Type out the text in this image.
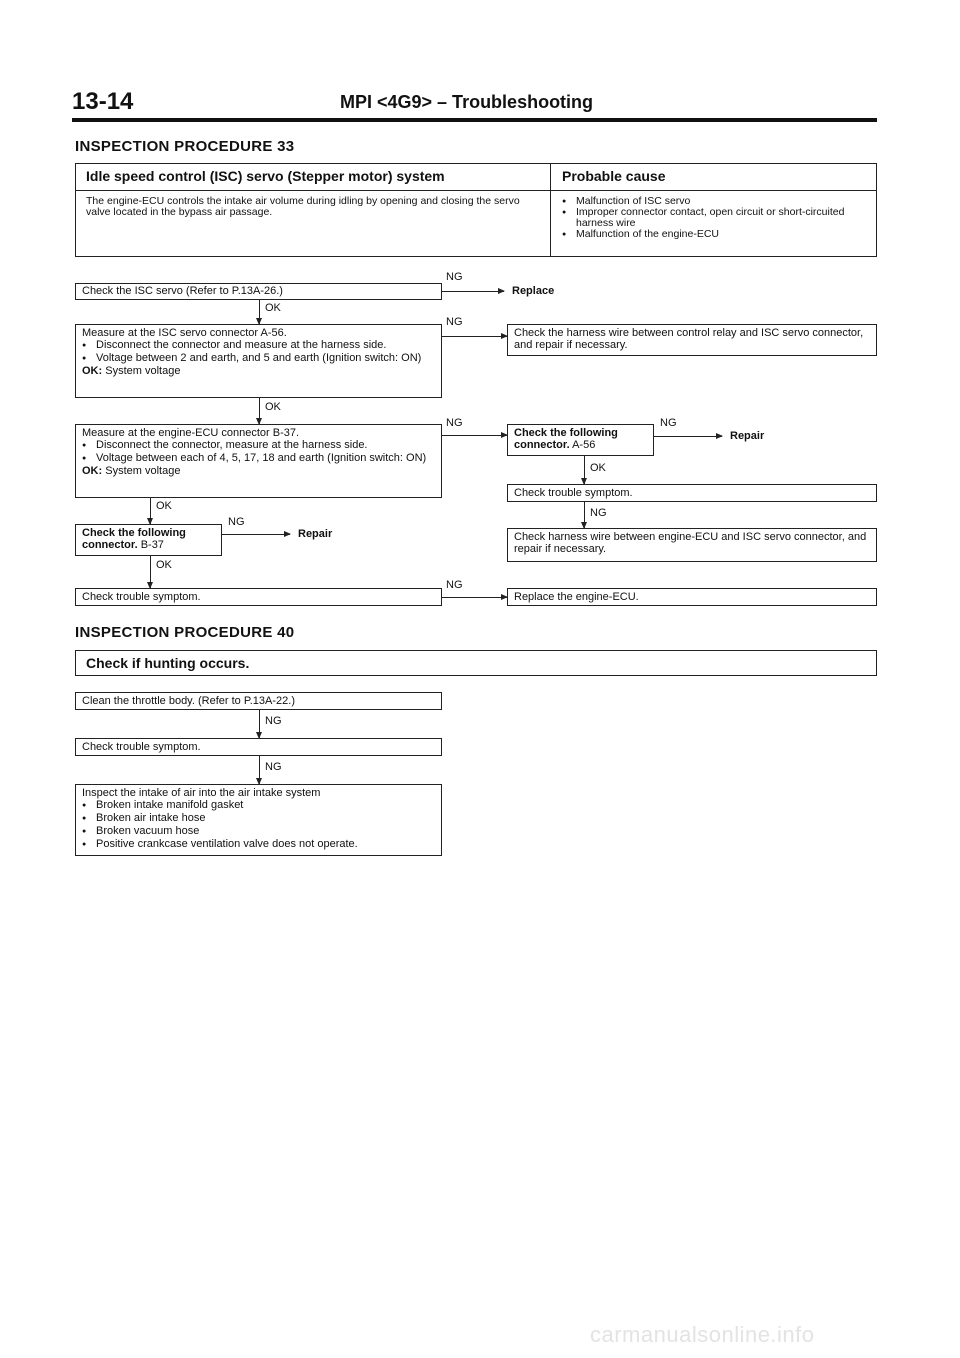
13-14	MPI <4G9> – Troubleshooting
INSPECTION PROCEDURE 33
Idle speed control (ISC) servo (Stepper motor) system	Probable cause
The engine-ECU controls the intake air volume during idling by opening and closing the servo valve located in the bypass air passage.
● Malfunction of ISC servo
● Improper connector contact, open circuit or short-circuited harness wire
● Malfunction of the engine-ECU
Check the ISC servo (Refer to P.13A-26.)
NG
Replace
OK
Measure at the ISC servo connector A-56.
● Disconnect the connector and measure at the harness side.
● Voltage between 2 and earth, and 5 and earth (Ignition switch: ON)
OK: System voltage
NG
Check the harness wire between control relay and ISC servo connector, and repair if necessary.
OK
Measure at the engine-ECU connector B-37.
● Disconnect the connector, measure at the harness side.
● Voltage between each of 4, 5, 17, 18 and earth (Ignition switch: ON)
OK: System voltage
NG
Check the following connector. A-56
NG
Repair
OK
Check trouble symptom.
NG
Check harness wire between engine-ECU and ISC servo connector, and repair if necessary.
OK
Check the following connector. B-37
NG
Repair
OK
Check trouble symptom.
NG
Replace the engine-ECU.
INSPECTION PROCEDURE 40
Check if hunting occurs.
Clean the throttle body. (Refer to P.13A-22.)
NG
Check trouble symptom.
NG
Inspect the intake of air into the air intake system
● Broken intake manifold gasket
● Broken air intake hose
● Broken vacuum hose
● Positive crankcase ventilation valve does not operate.
carmanualsonline.info
